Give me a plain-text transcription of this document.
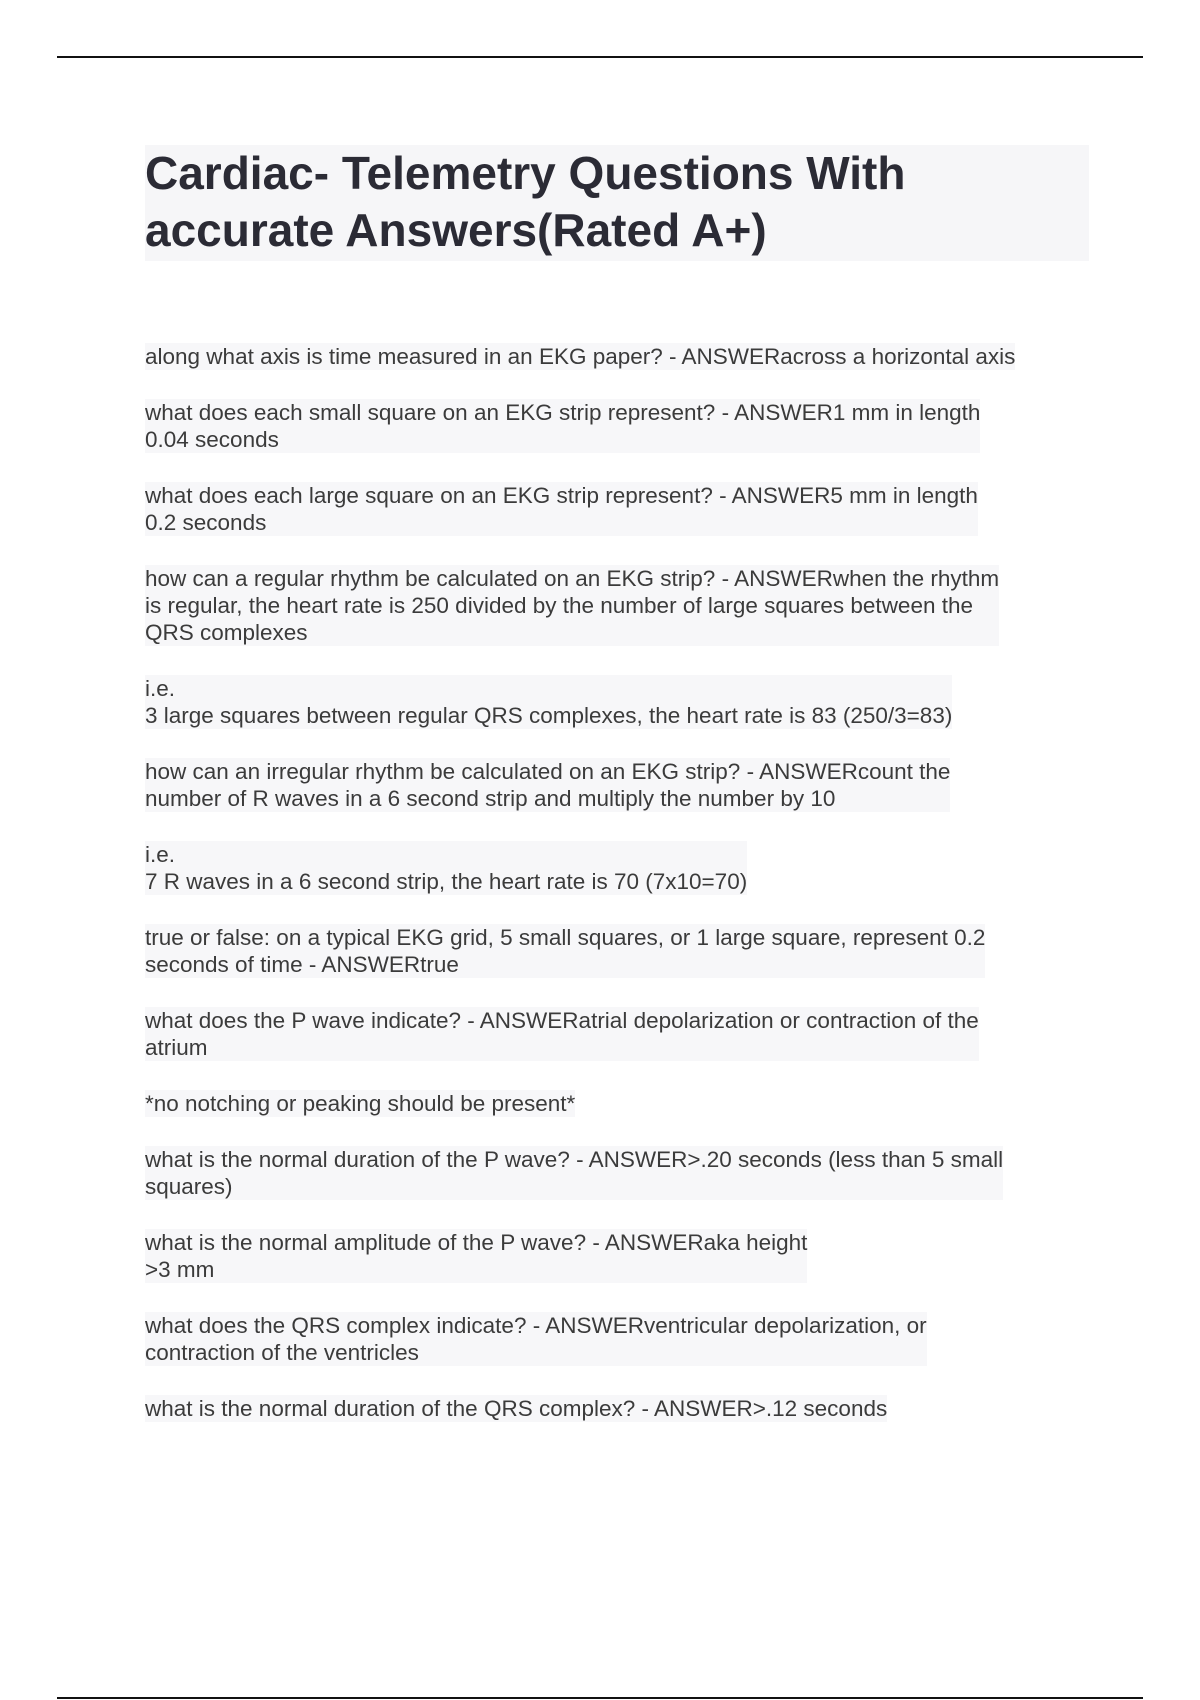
Cardiac- Telemetry Questions With
accurate Answers(Rated A+)
along what axis is time measured in an EKG paper? - ANSWERacross a horizontal axis
what does each small square on an EKG strip represent? - ANSWER1 mm in length
0.04 seconds
what does each large square on an EKG strip represent? - ANSWER5 mm in length
0.2 seconds
how can a regular rhythm be calculated on an EKG strip? - ANSWERwhen the rhythm
is regular, the heart rate is 250 divided by the number of large squares between the
QRS complexes
i.e.
3 large squares between regular QRS complexes, the heart rate is 83 (250/3=83)
how can an irregular rhythm be calculated on an EKG strip? - ANSWERcount the
number of R waves in a 6 second strip and multiply the number by 10
i.e.
7 R waves in a 6 second strip, the heart rate is 70 (7x10=70)
true or false: on a typical EKG grid, 5 small squares, or 1 large square, represent 0.2
seconds of time - ANSWERtrue
what does the P wave indicate? - ANSWERatrial depolarization or contraction of the
atrium
*no notching or peaking should be present*
what is the normal duration of the P wave? - ANSWER>.20 seconds (less than 5 small
squares)
what is the normal amplitude of the P wave? - ANSWERaka height
>3 mm
what does the QRS complex indicate? - ANSWERventricular depolarization, or
contraction of the ventricles
what is the normal duration of the QRS complex? - ANSWER>.12 seconds
